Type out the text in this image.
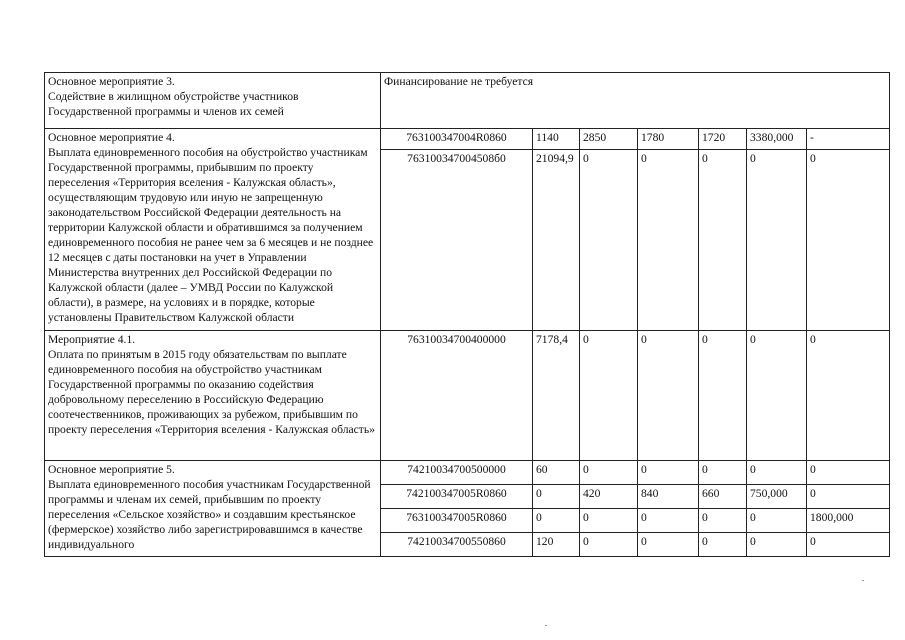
Основное мероприятие 3.
Содействие в жилищном обустройстве участников Государственной программы и членов их семей	Финансирование не требуется						

Основное мероприятие 4.
Выплата единовременного пособия на обустройство участникам Государственной программы, прибывшим по проекту переселения «Территория вселения - Калужская область», осуществляющим трудовую или иную не запрещенную законодательством Российской Федерации деятельность на территории Калужской области и обратившимся за получением единовременного пособия не ранее чем за 6 месяцев и не позднее 12 месяцев с даты постановки на учет в Управлении Министерства внутренних дел Российской Федерации по Калужской области (далее – УМВД России по Калужской области), в размере, на условиях и в порядке, которые установлены Правительством Калужской области	763100347004R0860	1140	2850	1780	1720	3380,000	-
	763100347004508б0	21094,9	0	0	0	0	0

Мероприятие 4.1.
Оплата по принятым в 2015 году обязательствам по выплате единовременного пособия на обустройство участникам Государственной программы по оказанию содействия добровольному переселению в Российскую Федерацию соотечественников, проживающих за рубежом, прибывшим по проекту переселения «Территория вселения - Калужская область»	76310034700400000	7178,4	0	0	0	0	0

Основное мероприятие 5.
Выплата единовременного пособия участникам Государственной программы и членам их семей, прибывшим по проекту переселения «Сельское хозяйство» и создавшим крестьянское (фермерское) хозяйство либо зарегистрировавшимся в качестве индивидуального	74210034700500000	60	0	0	0	0	0
	742100347005R0860	0	420	840	660	750,000	0
	763100347005R0860	0	0	0	0	0	1800,000
	74210034700550860	120	0	0	0	0	0
